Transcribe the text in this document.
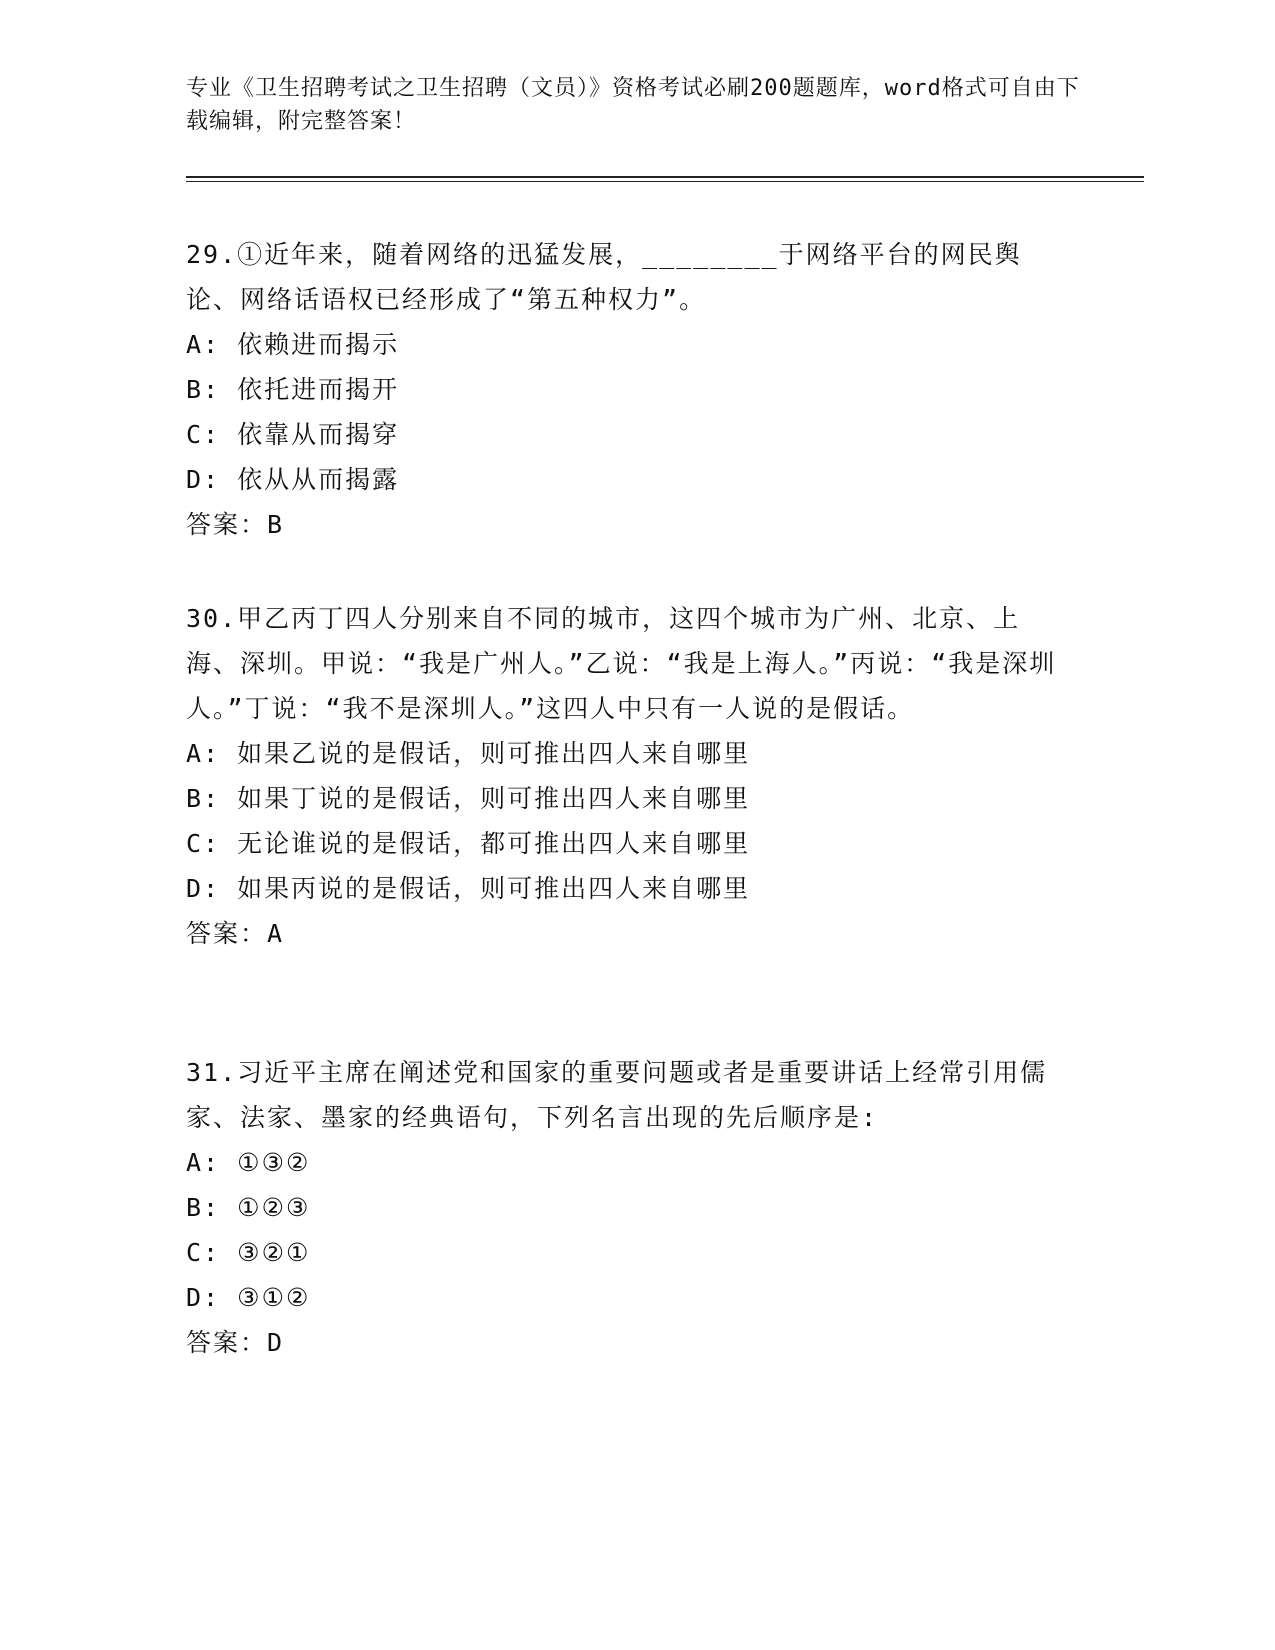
专业《卫生招聘考试之卫生招聘（文员）》资格考试必刷200题题库，word格式可自由下载编辑，附完整答案！

29.①近年来，随着网络的迅猛发展，________于网络平台的网民舆论、网络话语权已经形成了“第五种权力”。

A: 依赖进而揭示

B: 依托进而揭开

C: 依靠从而揭穿

D: 依从从而揭露

答案：B

30.甲乙丙丁四人分别来自不同的城市，这四个城市为广州、北京、上海、深圳。甲说：“我是广州人。”乙说：“我是上海人。”丙说：“我是深圳人。”丁说：“我不是深圳人。”这四人中只有一人说的是假话。

A: 如果乙说的是假话，则可推出四人来自哪里

B: 如果丁说的是假话，则可推出四人来自哪里

C: 无论谁说的是假话，都可推出四人来自哪里

D: 如果丙说的是假话，则可推出四人来自哪里

答案：A

31.习近平主席在阐述党和国家的重要问题或者是重要讲话上经常引用儒家、法家、墨家的经典语句，下列名言出现的先后顺序是:

A: ①③②

B: ①②③

C: ③②①

D: ③①②

答案：D
